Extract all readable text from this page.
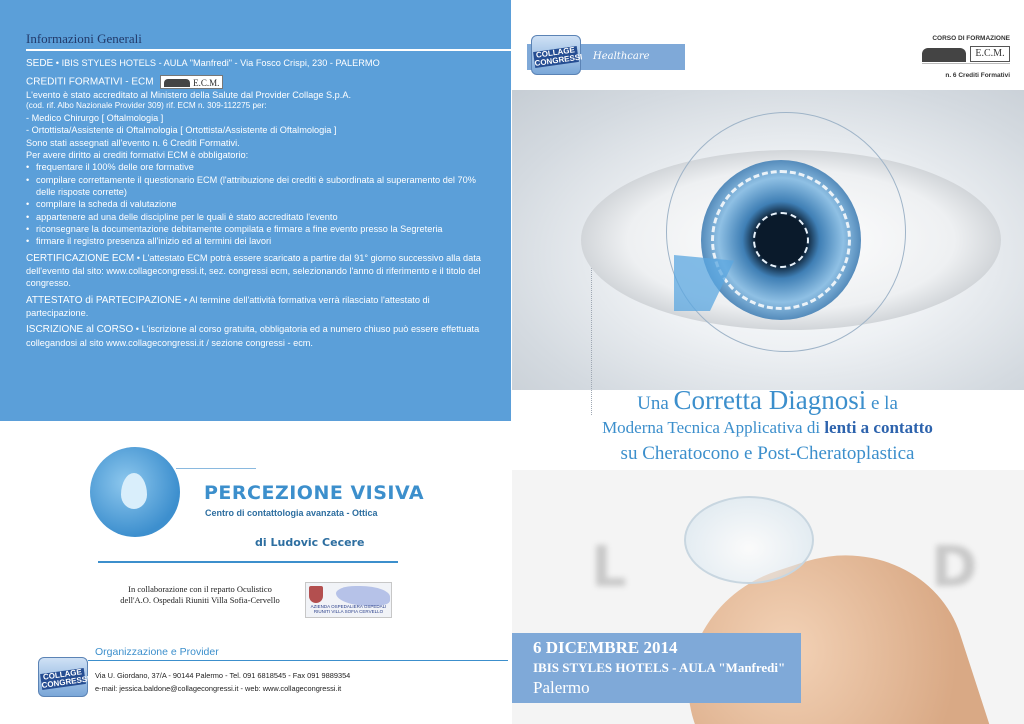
Informazioni Generali
SEDE • IBIS STYLES HOTELS - AULA "Manfredi" - Via Fosco Crispi, 230 - PALERMO
CREDITI FORMATIVI - ECM	E.C.M.
L'evento è stato accreditato al Ministero della Salute dal Provider Collage S.p.A.
(cod. rif. Albo Nazionale Provider 309) rif. ECM n. 309-112275 per:
- Medico Chirurgo [ Oftalmologia ]
- Ortottista/Assistente di Oftalmologia [ Ortottista/Assistente di Oftalmologia ]
Sono stati assegnati all'evento n. 6 Crediti Formativi.
Per avere diritto ai crediti formativi ECM è obbligatorio:
• frequentare il 100% delle ore formative
• compilare correttamente il questionario ECM (l'attribuzione dei crediti è subordinata al superamento del 70% delle risposte corrette)
• compilare la scheda di valutazione
• appartenere ad una delle discipline per le quali è stato accreditato l'evento
• riconsegnare la documentazione debitamente compilata e firmare a fine evento presso la Segreteria
• firmare il registro presenza all'inizio ed al termini dei lavori
CERTIFICAZIONE ECM • L'attestato ECM potrà essere scaricato a partire dal 91° giorno successivo alla data dell'evento dal sito: www.collagecongressi.it, sez. congressi ecm, selezionando l'anno di riferimento e il titolo del congresso.
ATTESTATO di PARTECIPAZIONE • Al termine dell'attività formativa verrà rilasciato l'attestato di partecipazione.
ISCRIZIONE al CORSO • L'iscrizione al corso gratuita, obbligatoria ed a numero chiuso può essere effettuata collegandosi al sito www.collagecongressi.it / sezione congressi - ecm.
PERCEZIONE VISIVA
Centro di contattologia avanzata - Ottica
di Ludovic Cecere
In collaborazione con il reparto Oculistico
dell'A.O. Ospedali Riuniti Villa Sofia-Cervello
AZIENDA OSPEDALIERA OSPEDALI RIUNITI VILLA SOFIA CERVELLO
COLLAGE CONGRESSI
Organizzazione e Provider
Via U. Giordano, 37/A - 90144 Palermo - Tel. 091 6818545 - Fax 091 9889354
e-mail: jessica.baldone@collagecongressi.it - web: www.collagecongressi.it
COLLAGE CONGRESSI Healthcare
CORSO DI FORMAZIONE
E.C.M.
n. 6 Crediti Formativi
L	D
Una Corretta Diagnosi e la
Moderna Tecnica Applicativa di lenti a contatto
su Cheratocono e Post-Cheratoplastica
6 DICEMBRE 2014
IBIS STYLES HOTELS - AULA "Manfredi"
Palermo
